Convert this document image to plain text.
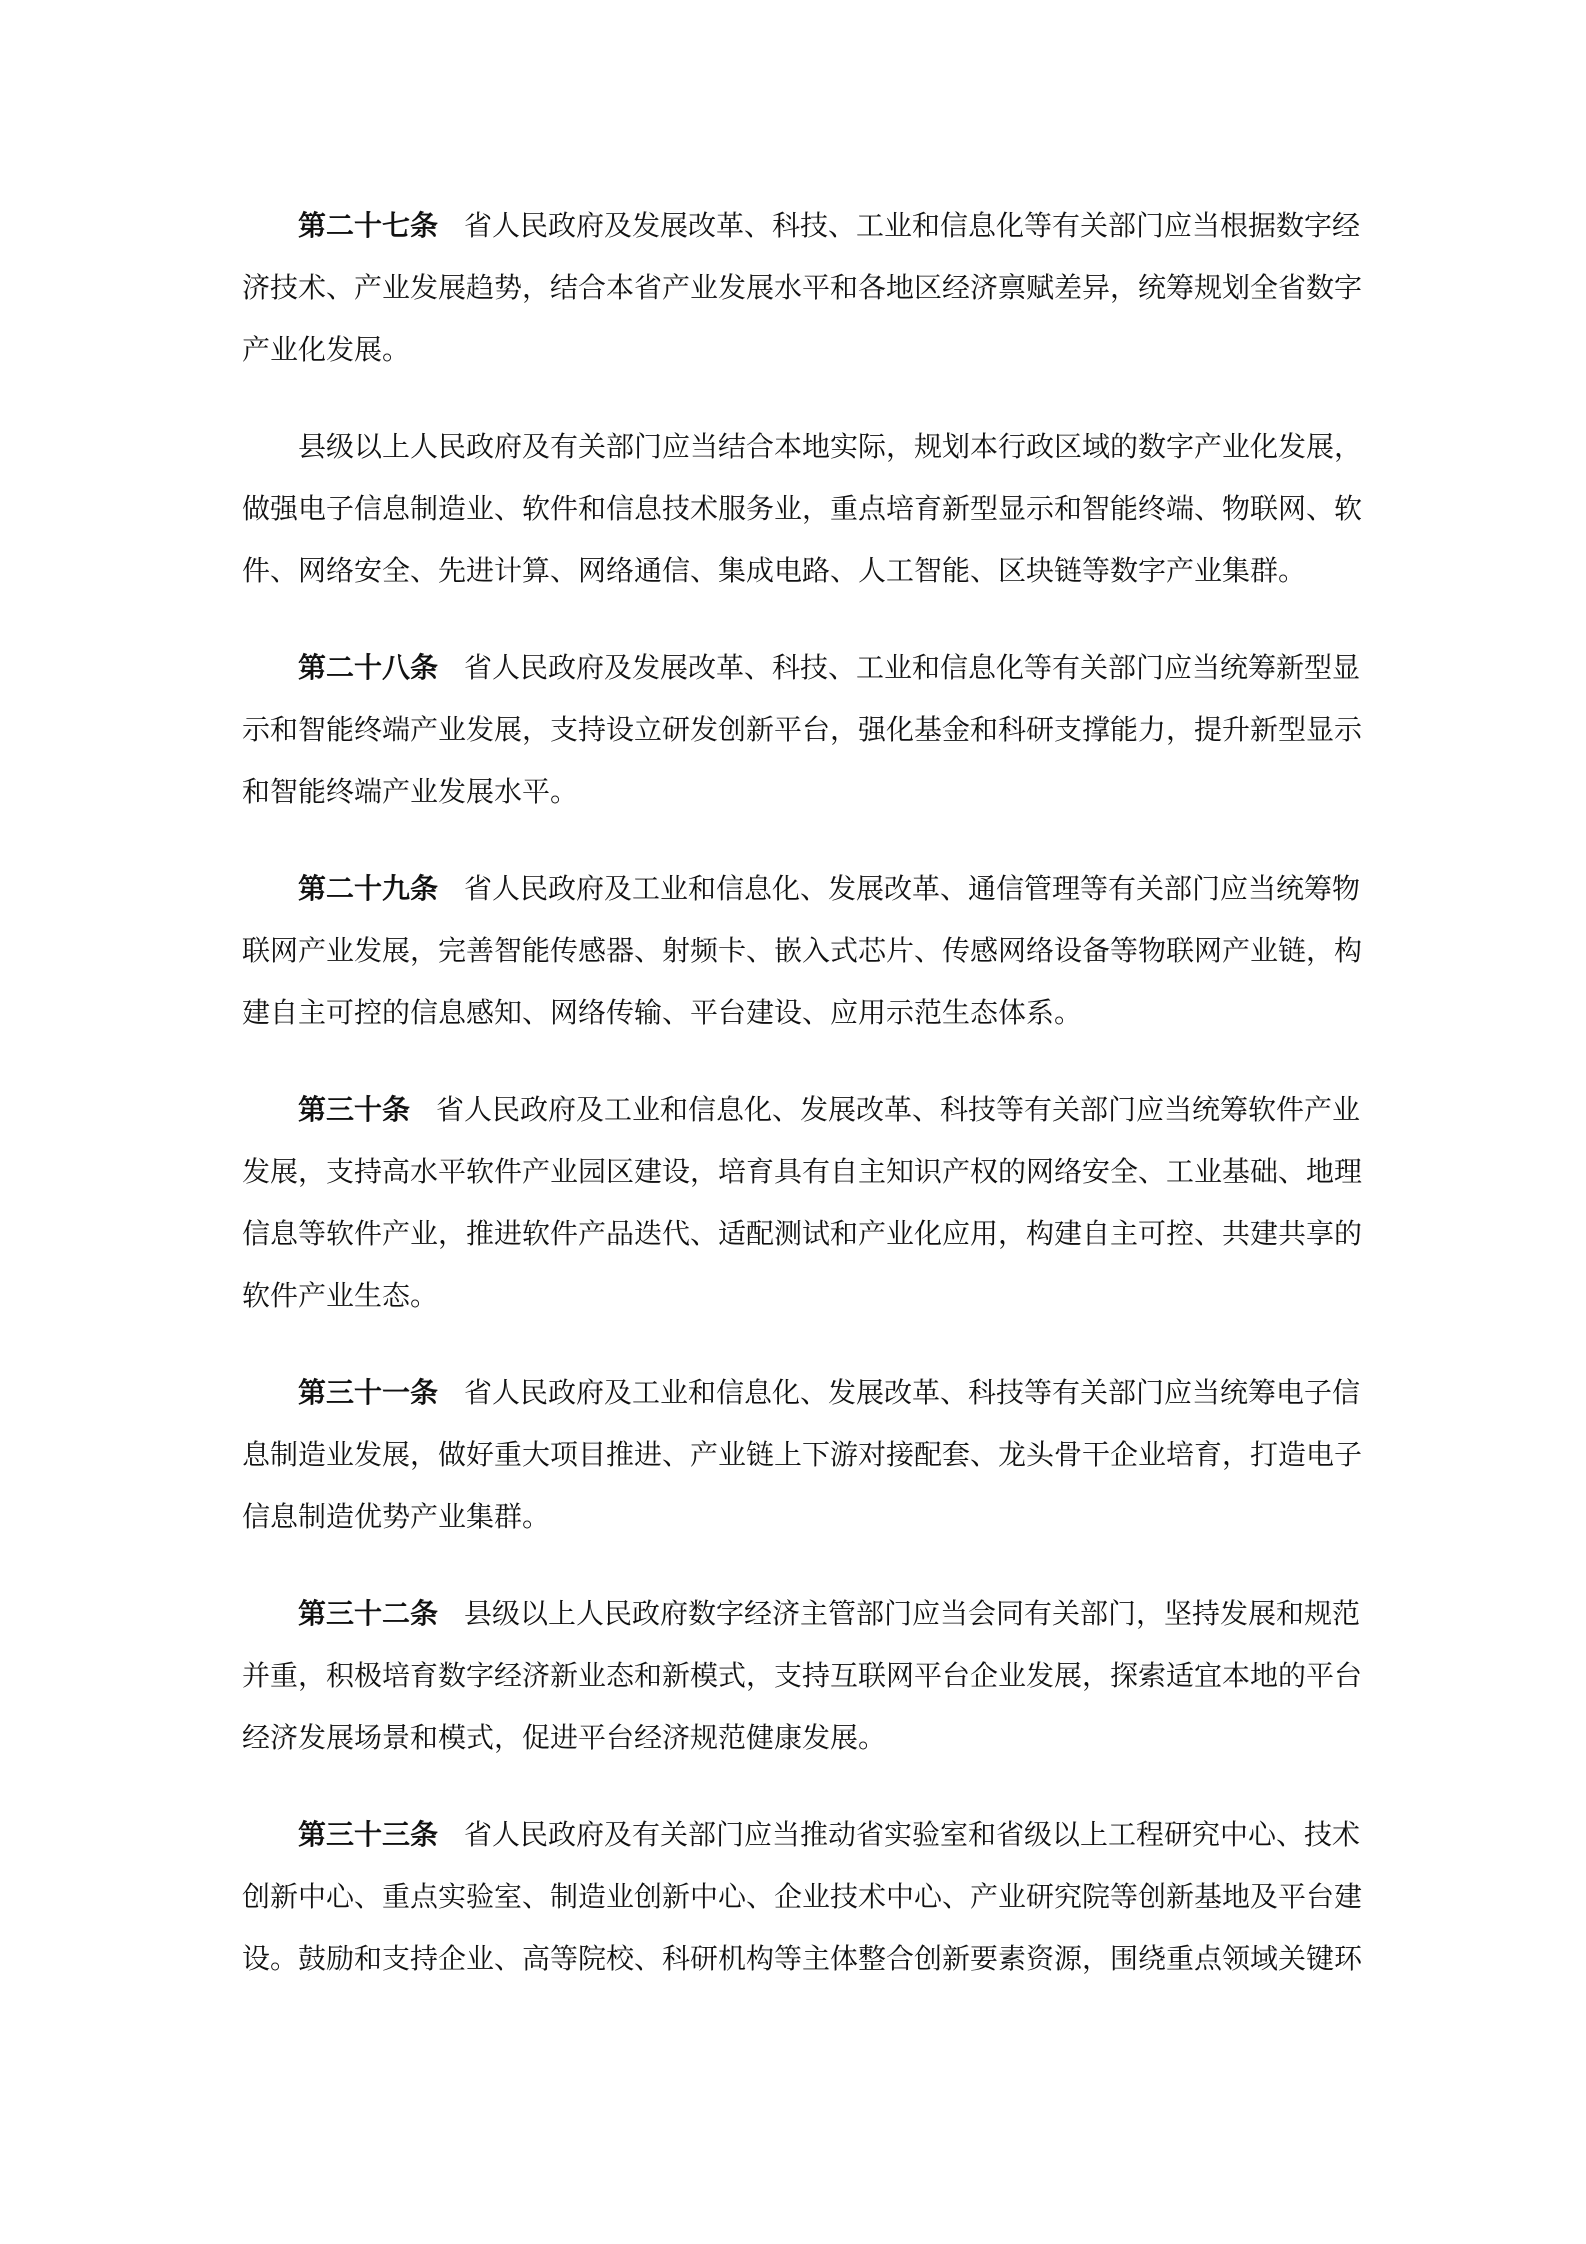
第二十七条 省人民政府及发展改革、科技、工业和信息化等有关部门应当根据数字经
济技术、产业发展趋势，结合本省产业发展水平和各地区经济禀赋差异，统筹规划全省数字
产业化发展。
县级以上人民政府及有关部门应当结合本地实际，规划本行政区域的数字产业化发展，
做强电子信息制造业、软件和信息技术服务业，重点培育新型显示和智能终端、物联网、软
件、网络安全、先进计算、网络通信、集成电路、人工智能、区块链等数字产业集群。
第二十八条 省人民政府及发展改革、科技、工业和信息化等有关部门应当统筹新型显
示和智能终端产业发展，支持设立研发创新平台，强化基金和科研支撑能力，提升新型显示
和智能终端产业发展水平。
第二十九条 省人民政府及工业和信息化、发展改革、通信管理等有关部门应当统筹物
联网产业发展，完善智能传感器、射频卡、嵌入式芯片、传感网络设备等物联网产业链，构
建自主可控的信息感知、网络传输、平台建设、应用示范生态体系。
第三十条 省人民政府及工业和信息化、发展改革、科技等有关部门应当统筹软件产业
发展，支持高水平软件产业园区建设，培育具有自主知识产权的网络安全、工业基础、地理
信息等软件产业，推进软件产品迭代、适配测试和产业化应用，构建自主可控、共建共享的
软件产业生态。
第三十一条 省人民政府及工业和信息化、发展改革、科技等有关部门应当统筹电子信
息制造业发展，做好重大项目推进、产业链上下游对接配套、龙头骨干企业培育，打造电子
信息制造优势产业集群。
第三十二条 县级以上人民政府数字经济主管部门应当会同有关部门，坚持发展和规范
并重，积极培育数字经济新业态和新模式，支持互联网平台企业发展，探索适宜本地的平台
经济发展场景和模式，促进平台经济规范健康发展。
第三十三条 省人民政府及有关部门应当推动省实验室和省级以上工程研究中心、技术
创新中心、重点实验室、制造业创新中心、企业技术中心、产业研究院等创新基地及平台建
设。鼓励和支持企业、高等院校、科研机构等主体整合创新要素资源，围绕重点领域关键环
